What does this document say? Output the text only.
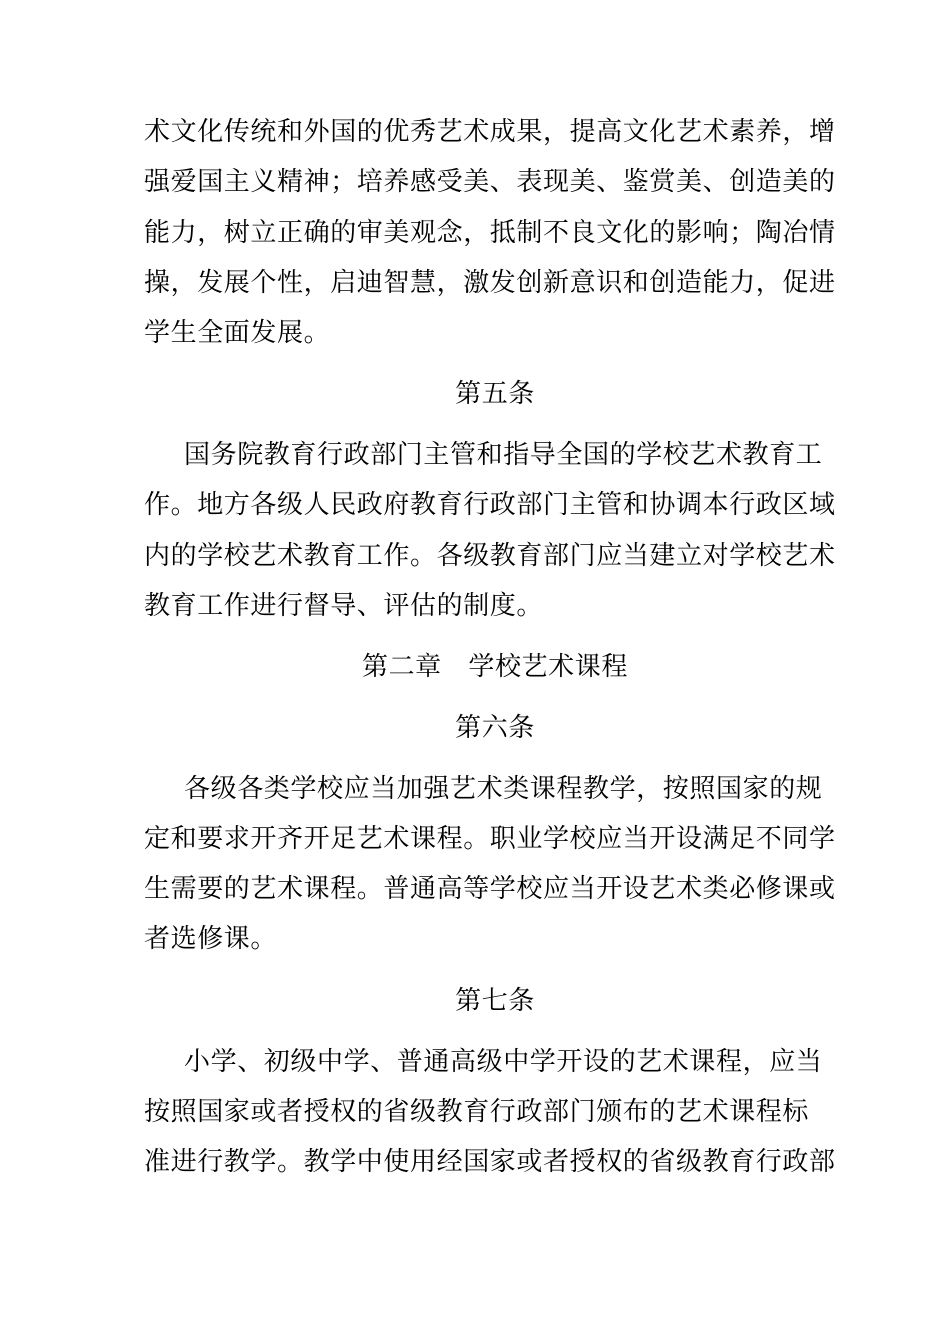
术文化传统和外国的优秀艺术成果，提高文化艺术素养，增
强爱国主义精神；培养感受美、表现美、鉴赏美、创造美的
能力，树立正确的审美观念，抵制不良文化的影响；陶冶情
操，发展个性，启迪智慧，激发创新意识和创造能力，促进
学生全面发展。
第五条
国务院教育行政部门主管和指导全国的学校艺术教育工
作。地方各级人民政府教育行政部门主管和协调本行政区域
内的学校艺术教育工作。各级教育部门应当建立对学校艺术
教育工作进行督导、评估的制度。
第二章　学校艺术课程
第六条
各级各类学校应当加强艺术类课程教学，按照国家的规
定和要求开齐开足艺术课程。职业学校应当开设满足不同学
生需要的艺术课程。普通高等学校应当开设艺术类必修课或
者选修课。
第七条
小学、初级中学、普通高级中学开设的艺术课程，应当
按照国家或者授权的省级教育行政部门颁布的艺术课程标
准进行教学。教学中使用经国家或者授权的省级教育行政部
